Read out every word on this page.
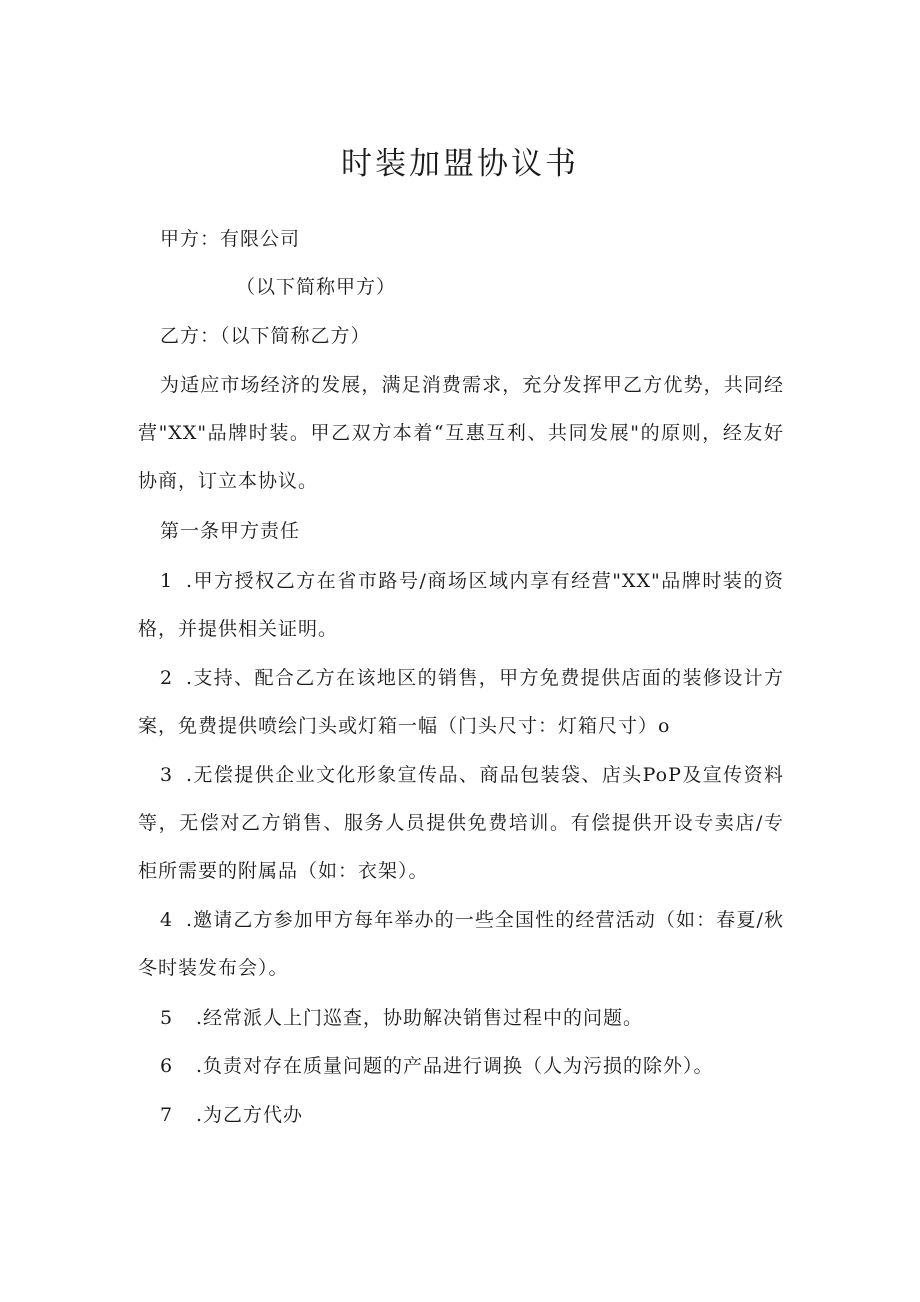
时装加盟协议书

甲方：有限公司

（以下简称甲方）

乙方：（以下简称乙方）

为适应市场经济的发展，满足消费需求，充分发挥甲乙方优势，共同经营"XX"品牌时装。甲乙双方本着“互惠互利、共同发展"的原则，经友好协商，订立本协议。

第一条甲方责任

1 .甲方授权乙方在省市路号/商场区域内享有经营"XX"品牌时装的资格，并提供相关证明。

2 .支持、配合乙方在该地区的销售，甲方免费提供店面的装修设计方案，免费提供喷绘门头或灯箱一幅（门头尺寸：灯箱尺寸）o

3 .无偿提供企业文化形象宣传品、商品包装袋、店头PoP及宣传资料等，无偿对乙方销售、服务人员提供免费培训。有偿提供开设专卖店/专柜所需要的附属品（如：衣架）。

4 .邀请乙方参加甲方每年举办的一些全国性的经营活动（如：春夏/秋冬时装发布会）。

5 .经常派人上门巡查，协助解决销售过程中的问题。

6 .负责对存在质量问题的产品进行调换（人为污损的除外）。

7 .为乙方代办
